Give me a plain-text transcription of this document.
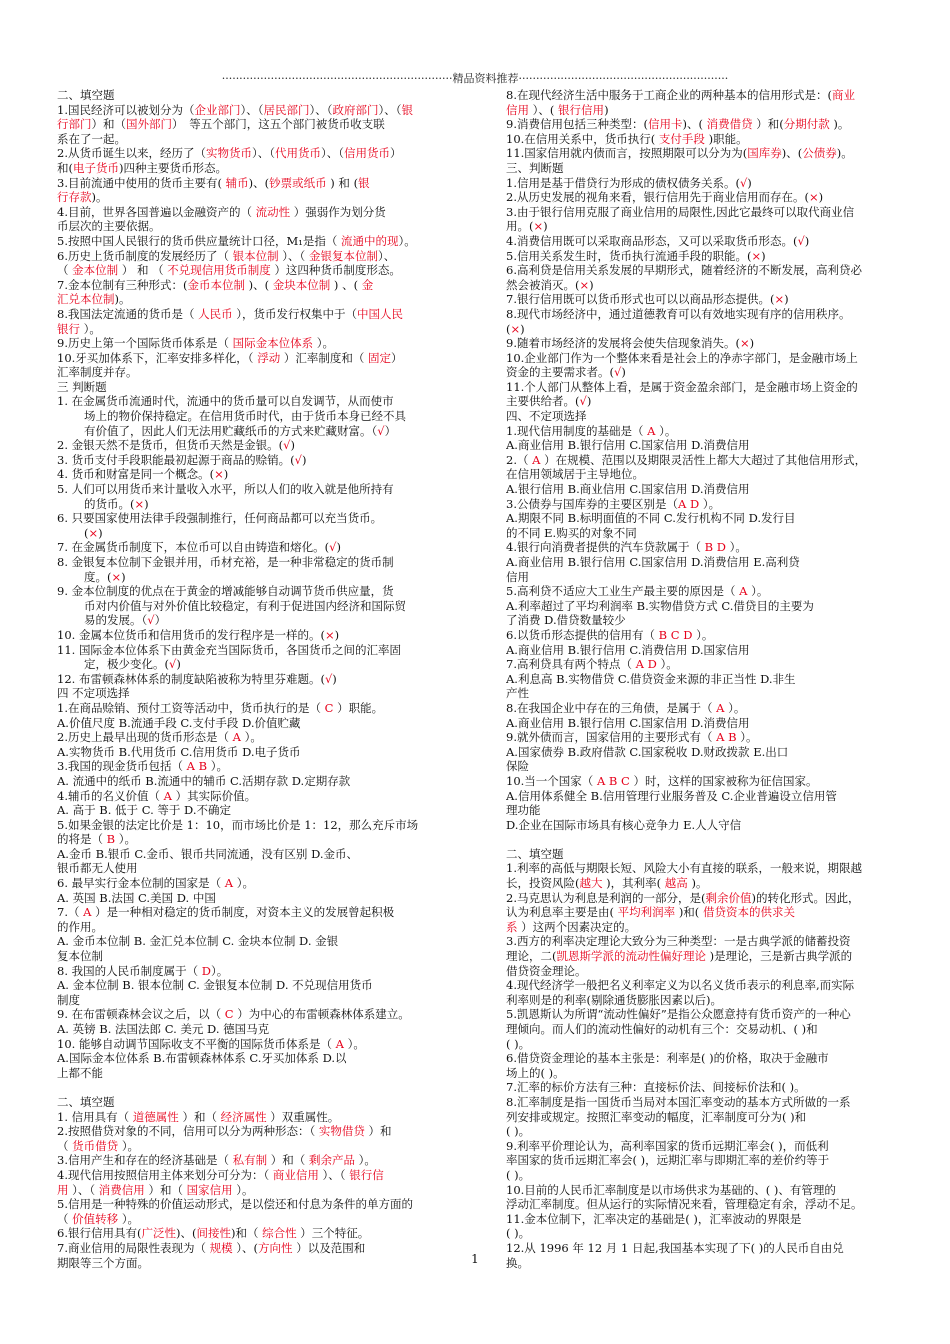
··································································精品资料推荐····························································
二、填空题
1.国民经济可以被划分为（企业部门）、（居民部门）、（政府部门）、（银
行部门）和（国外部门）　等五个部门，这五个部门被货币收支联
系在了一起。
2.从货币诞生以来，经历了（实物货币）、（代用货币）、（信用货币）
和(电子货币)四种主要货币形态。
3.目前流通中使用的货币主要有( 辅币)、(钞票或纸币 ) 和 (银
行存款)。
4.目前，世界各国普遍以金融资产的（ 流动性 ）强弱作为划分货
币层次的主要依据。
5.按照中国人民银行的货币供应量统计口径，M₁是指（ 流通中的现）。
6.历史上货币制度的发展经历了（ 银本位制 ）、（ 金银复本位制）、
（ 金本位制 ） 和 （ 不兑现信用货币制度 ）这四种货币制度形态。
7.金本位制有三种形式：(金币本位制 )、( 金块本位制 ) 、( 金
汇兑本位制)。
8.我国法定流通的货币是（ 人民币 ），货币发行权集中于（中国人民
银行 ）。
9.历史上第一个国际货币体系是（ 国际金本位体系 ）。
10.牙买加体系下，汇率安排多样化，（ 浮动 ）汇率制度和（ 固定）
汇率制度并存。
三 判断题
1. 在金属货币流通时代，流通中的货币量可以自发调节，从而使市
场上的物价保持稳定。在信用货币时代，由于货币本身已经不具
有价值了，因此人们无法用贮藏纸币的方式来贮藏财富。（√）
2. 金银天然不是货币，但货币天然是金银。(√)
3. 货币支付手段职能最初起源于商品的赊销。(√)
4. 货币和财富是同一个概念。(×)
5. 人们可以用货币来计量收入水平，所以人们的收入就是他所持有
的货币。(×)
6. 只要国家使用法律手段强制推行，任何商品都可以充当货币。
(×)
7. 在金属货币制度下，本位币可以自由铸造和熔化。(√)
8. 金银复本位制下金银并用，币材充裕，是一种非常稳定的货币制
度。(×)
9. 金本位制度的优点在于黄金的增减能够自动调节货币供应量，货
币对内价值与对外价值比较稳定，有利于促进国内经济和国际贸
易的发展。（√）
10. 金属本位货币和信用货币的发行程序是一样的。(×)
11. 国际金本位体系下由黄金充当国际货币，各国货币之间的汇率固
定，极少变化。(√)
12. 布雷顿森林体系的制度缺陷被称为特里芬难题。(√)
四 不定项选择
1.在商品赊销、预付工资等活动中，货币执行的是（ C ）职能。
A.价值尺度 B.流通手段 C.支付手段 D.价值贮藏
2.历史上最早出现的货币形态是（ A ）。
A.实物货币 B.代用货币 C.信用货币 D.电子货币
3.我国的现金货币包括（ A B ）。
A. 流通中的纸币 B.流通中的辅币 C.活期存款 D.定期存款
4.辅币的名义价值（ A ）其实际价值。
A. 高于 B. 低于 C. 等于 D.不确定
5.如果金银的法定比价是 1：10，而市场比价是 1：12，那么充斥市场
的将是（ B ）。
A.金币 B.银币 C.金币、银币共同流通，没有区别 D.金币、
银币都无人使用
6. 最早实行金本位制的国家是（ A ）。
A. 英国 B.法国 C.美国 D. 中国
7.（ A ）是一种相对稳定的货币制度，对资本主义的发展曾起积极
的作用。
A. 金币本位制 B. 金汇兑本位制 C. 金块本位制 D. 金银
复本位制
8. 我国的人民币制度属于（ D）。
A. 金本位制 B. 银本位制 C. 金银复本位制 D. 不兑现信用货币
制度
9. 在布雷顿森林会议之后，以（ C ）为中心的布雷顿森林体系建立。
A. 英镑 B. 法国法郎 C. 美元 D. 德国马克
10. 能够自动调节国际收支不平衡的国际货币体系是（ A ）。
A.国际金本位体系 B.布雷顿森林体系 C.牙买加体系 D.以
上都不能
二、填空题
1. 信用具有（ 道德属性 ）和（ 经济属性 ）双重属性。
2.按照借贷对象的不同，信用可以分为两种形态：（ 实物借贷 ）和
（ 货币借贷 ）。
3.信用产生和存在的经济基础是（ 私有制 ）和（ 剩余产品 ）。
4.现代信用按照信用主体来划分可分为：（ 商业信用 ）、（ 银行信
用 ）、（ 消费信用 ）和（ 国家信用 ）。
5.信用是一种特殊的价值运动形式，是以偿还和付息为条件的单方面的
（ 价值转移 ）。
6.银行信用具有(广泛性)、(间接性)和（ 综合性 ）三个特征。
7.商业信用的局限性表现为（ 规模 ）、(方向性 ）以及范围和
期限等三个方面。
8.在现代经济生活中服务于工商企业的两种基本的信用形式是：(商业
信用 ）、( 银行信用)
9.消费信用包括三种类型：(信用卡)、( 消费借贷 ）和(分期付款 )。
10.在信用关系中，货币执行( 支付手段 )职能。
11.国家信用就内债而言，按照期限可以分为为(国库券)、(公债券)。
三、判断题
1.信用是基于借贷行为形成的债权债务关系。(√)
2.从历史发展的视角来看，银行信用先于商业信用而存在。(×)
3.由于银行信用克服了商业信用的局限性,因此它最终可以取代商业信
用。(×)
4.消费信用既可以采取商品形态，又可以采取货币形态。(√)
5.信用关系发生时，货币执行流通手段的职能。(×)
6.高利贷是信用关系发展的早期形式，随着经济的不断发展，高利贷必
然会被消灭。(×)
7.银行信用既可以货币形式也可以以商品形态提供。(×)
8.现代市场经济中，通过道德教育可以有效地实现有序的信用秩序。
(×)
9.随着市场经济的发展将会使失信现象消失。(×)
10.企业部门作为一个整体来看是社会上的净赤字部门，是金融市场上
资金的主要需求者。(√)
11.个人部门从整体上看，是属于资金盈余部门，是金融市场上资金的
主要供给者。(√)
四、不定项选择
1.现代信用制度的基础是（ A ）。
A.商业信用 B.银行信用 C.国家信用 D.消费信用
2.（ A ）在规模、范围以及期限灵活性上都大大超过了其他信用形式，
在信用领域居于主导地位。
A.银行信用 B.商业信用 C.国家信用 D.消费信用
3.公债券与国库券的主要区别是（A D ）。
A.期限不同 B.标明面值的不同 C.发行机构不同 D.发行目
的不同 E.购买的对象不同
4.银行向消费者提供的汽车贷款属于（ B D ）。
A.商业信用 B.银行信用 C.国家信用 D.消费信用 E.高利贷
信用
5.高利贷不适应大工业生产最主要的原因是（ A ）。
A.利率超过了平均利润率 B.实物借贷方式 C.借贷目的主要为
了消费 D.借贷数量较少
6.以货币形态提供的信用有（ B C D ）。
A.商业信用 B.银行信用 C.消费信用 D.国家信用
7.高利贷具有两个特点（ A D ）。
A.利息高 B.实物借贷 C.借贷资金来源的非正当性 D.非生
产性
8.在我国企业中存在的三角债，是属于（ A ）。
A.商业信用 B.银行信用 C.国家信用 D.消费信用
9.就外债而言，国家信用的主要形式有（ A B ）。
A.国家债券 B.政府借款 C.国家税收 D.财政拨款 E.出口
保险
10.当一个国家（ A B C ）时，这样的国家被称为征信国家。
A.信用体系健全 B.信用管理行业服务普及 C.企业普遍设立信用管
理功能
D.企业在国际市场具有核心竞争力 E.人人守信
二、填空题
1.利率的高低与期限长短、风险大小有直接的联系，一般来说，期限越
长，投资风险(越大 )，其利率( 越高 )。
2.马克思认为利息是利润的一部分，是(剩余价值)的转化形式。因此，
认为利息率主要是由( 平均利润率 )和( 借贷资本的供求关
系 ）这两个因素决定的。
3.西方的利率决定理论大致分为三种类型：一是古典学派的储蓄投资
理论，二(凯恩斯学派的流动性偏好理论 )是理论，三是新古典学派的
借贷资金理论。
4.现代经济学一般把名义利率定义为以名义货币表示的利息率,而实际
利率则是的利率(剔除通货膨胀因素以后)。
5.凯恩斯认为所谓“流动性偏好”是指公众愿意持有货币资产的一种心
理倾向。而人们的流动性偏好的动机有三个：交易动机、( )和
( )。
6.借贷资金理论的基本主张是：利率是( )的价格，取决于金融市
场上的( )。
7.汇率的标价方法有三种：直接标价法、间接标价法和( )。
8.汇率制度是指一国货币当局对本国汇率变动的基本方式所做的一系
列安排或规定。按照汇率变动的幅度，汇率制度可分为( )和
( )。
9.利率平价理论认为，高利率国家的货币远期汇率会( )，而低利
率国家的货币远期汇率会( )，远期汇率与即期汇率的差价约等于
( )。
10.目前的人民币汇率制度是以市场供求为基础的、( )、有管理的
浮动汇率制度。但从运行的实际情况来看，管理稳定有余，浮动不足。
11.金本位制下，汇率决定的基础是( )，汇率波动的界限是
( )。
12.从 1996 年 12 月 1 日起,我国基本实现了下( )的人民币自由兑
换。
1
